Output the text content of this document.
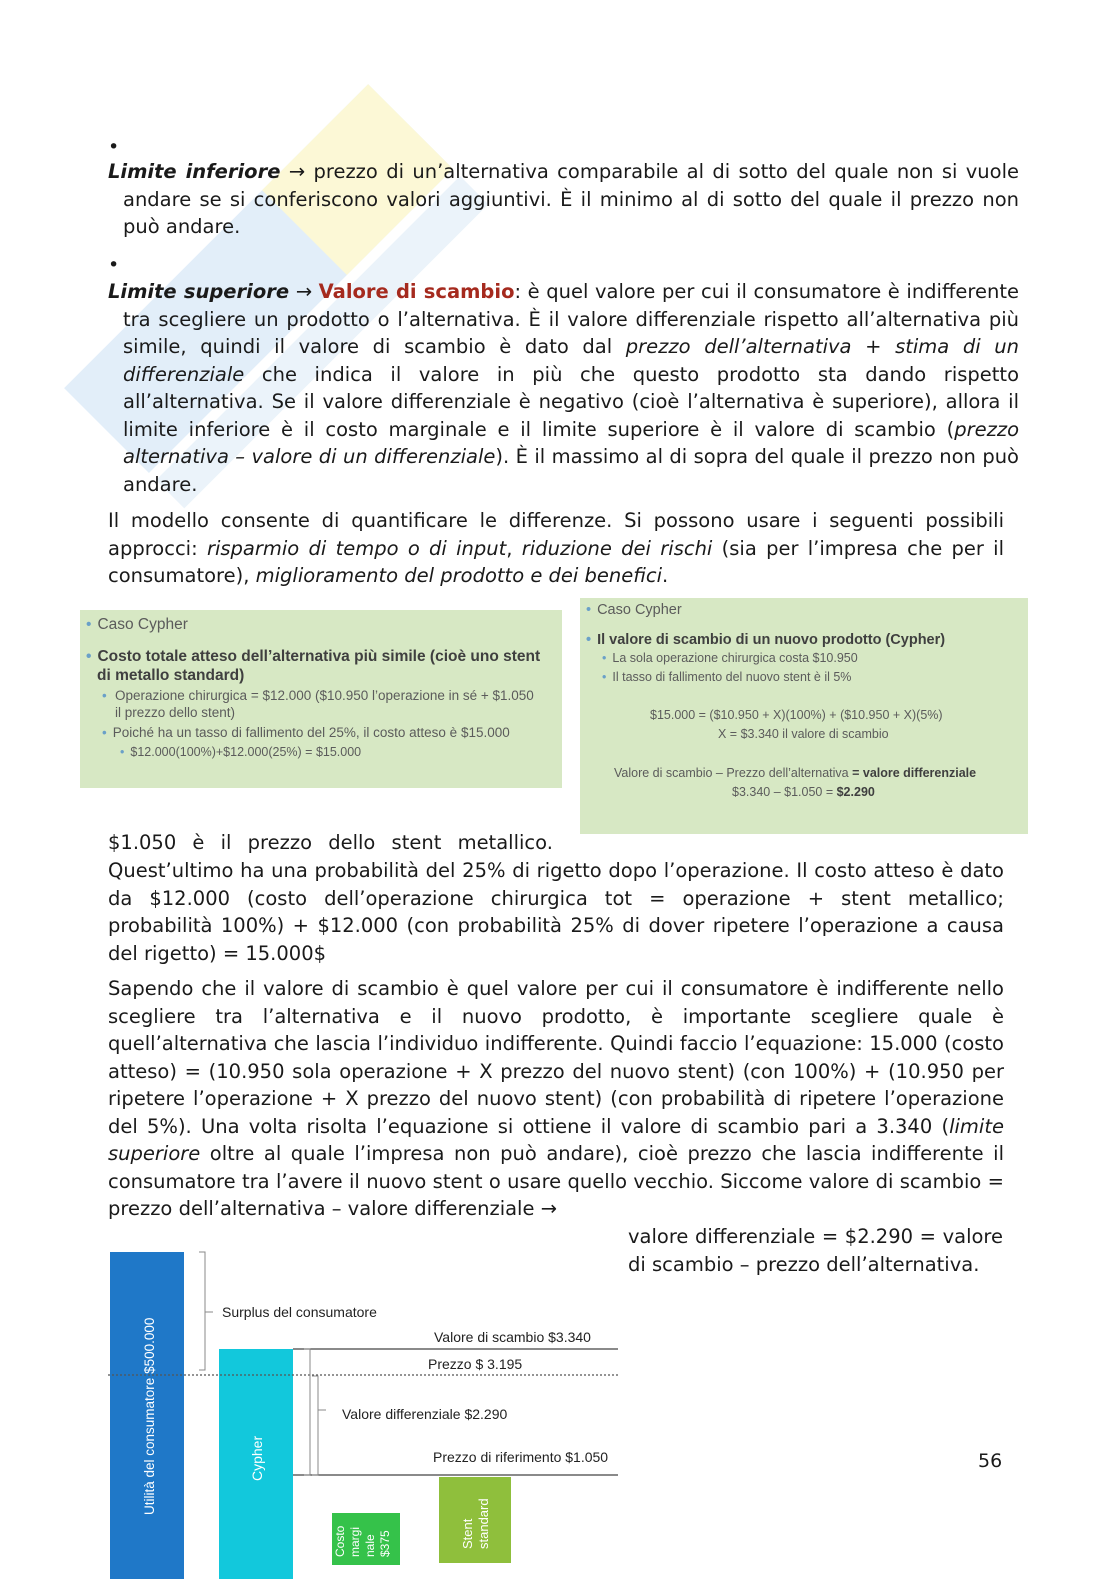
•
Limite inferiore → prezzo di un’alternativa comparabile al di sotto del quale non si vuole andare se si conferiscono valori aggiuntivi. È il minimo al di sotto del quale il prezzo non può andare.
•
Limite superiore → Valore di scambio: è quel valore per cui il consumatore è indifferente tra scegliere un prodotto o l’alternativa. È il valore differenziale rispetto all’alternativa più simile, quindi il valore di scambio è dato dal prezzo dell’alternativa + stima di un differenziale che indica il valore in più che questo prodotto sta dando rispetto all’alternativa. Se il valore differenziale è negativo (cioè l’alternativa è superiore), allora il limite inferiore è il costo marginale e il limite superiore è il valore di scambio (prezzo alternativa – valore di un differenziale). È il massimo al di sopra del quale il prezzo non può andare.
Il modello consente di quantificare le differenze. Si possono usare i seguenti possibili approcci: risparmio di tempo o di input, riduzione dei rischi (sia per l’impresa che per il consumatore), miglioramento del prodotto e dei benefici.
• Caso Cypher
• Costo totale atteso dell’alternativa più simile (cioè uno stent di metallo standard)
• Operazione chirurgica = $12.000 ($10.950 l’operazione in sé + $1.050 il prezzo dello stent)
• Poiché ha un tasso di fallimento del 25%, il costo atteso è $15.000
• $12.000(100%)+$12.000(25%) = $15.000
• Caso Cypher
• Il valore di scambio di un nuovo prodotto (Cypher)
• La sola operazione chirurgica costa $10.950
• Il tasso di fallimento del nuovo stent è il 5%
$15.000 = ($10.950 + X)(100%) + ($10.950 + X)(5%)
X = $3.340 il valore di scambio
Valore di scambio – Prezzo dell’alternativa = valore differenziale
$3.340 – $1.050 = $2.290
$1.050 è il prezzo dello stent metallico.
Quest’ultimo ha una probabilità del 25% di rigetto dopo l’operazione. Il costo atteso è dato da $12.000 (costo dell’operazione chirurgica tot = operazione + stent metallico; probabilità 100%) + $12.000 (con probabilità 25% di dover ripetere l’operazione a causa del rigetto) = 15.000$
Sapendo che il valore di scambio è quel valore per cui il consumatore è indifferente nello scegliere tra l’alternativa e il nuovo prodotto, è importante scegliere quale è quell’alternativa che lascia l’individuo indifferente. Quindi faccio l’equazione: 15.000 (costo atteso) = (10.950 sola operazione + X prezzo del nuovo stent) (con 100%) + (10.950 per ripetere l’operazione + X prezzo del nuovo stent) (con probabilità di ripetere l’operazione del 5%). Una volta risolta l’equazione si ottiene il valore di scambio pari a 3.340 (limite superiore oltre al quale l’impresa non può andare), cioè prezzo che lascia indifferente il consumatore tra l’avere il nuovo stent o usare quello vecchio. Siccome valore di scambio = prezzo dell’alternativa – valore differenziale →
valore differenziale = $2.290 = valore di scambio – prezzo dell’alternativa.
Utilità del consumatore $500.000	Cypher
Costo margi nale $375	Stent standard
Surplus del consumatore
Valore di scambio $3.340
Prezzo $ 3.195
Valore differenziale $2.290
Prezzo di riferimento $1.050	56
